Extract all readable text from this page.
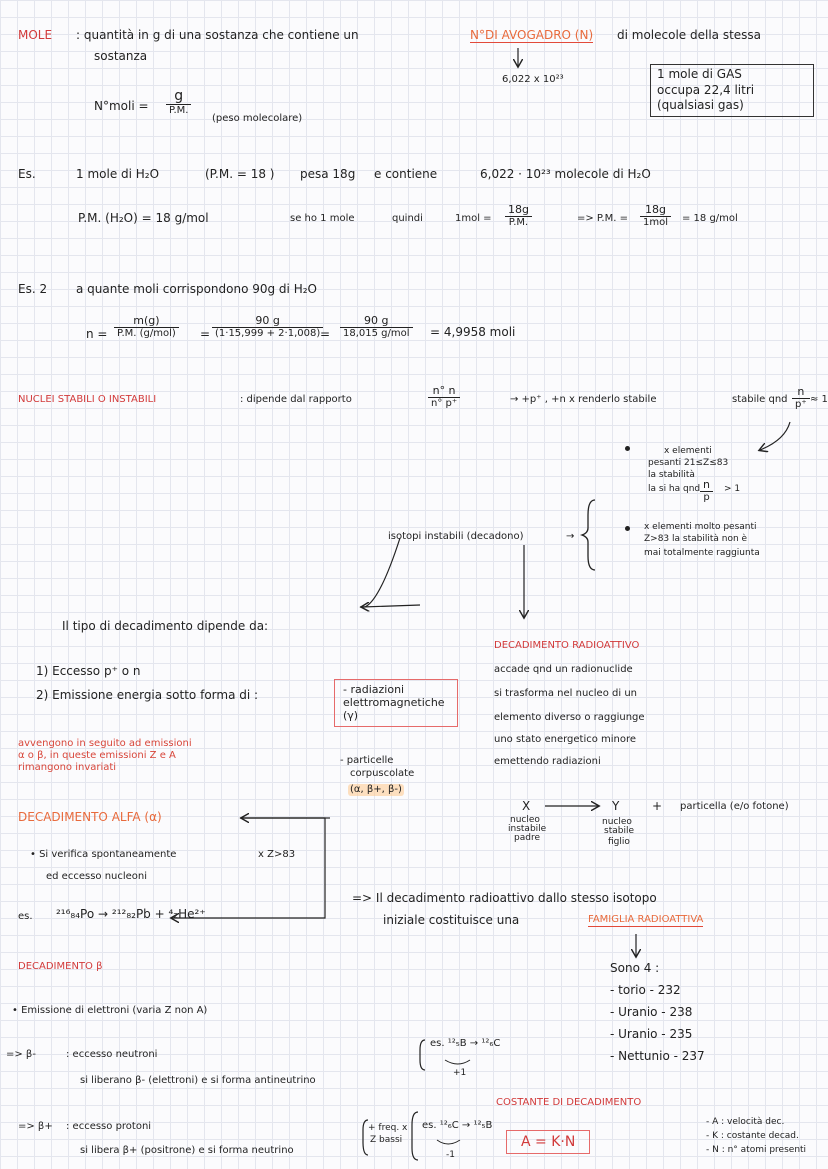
MOLE : quantità in g di una sostanza che contiene un	N°DI AVOGADRO (N) di molecole della stessa
sostanza
6,022 x 10²³	1 mole di GAS
occupa 22,4 litri
(qualsiasi gas)
N°moli =
g
P.M.
(peso molecolare)
Es.	1 mole di H₂O	(P.M. = 18 ) pesa 18g e contiene	6,022 · 10²³ molecole di H₂O
P.M. (H₂O) = 18 g/mol	se ho 1 mole	quindi	$1mol = \frac{18g}{P.M.}$	=> P.M. =
18g
1mol	= 18 g/mol
Es. 2 a quante moli corrispondono 90g di H₂O
n =
m(g)
P.M. $(g/mol) = \frac{90 g}{(1\cdot 15,999 + 2\cdot 1,008)}$
=
90 g
18,015 g/mol = 4,9958 moli
NUCLEI STABILI O INSTABILI	: dipende dal rapporto	$\frac{n^\circ n}{n^\circ p^+}$	→ +p⁺ , +n x renderlo stabile	stabile qnd $\frac{n}{p^+} \approx 1$
x elementi
pesanti 21≤Z≤83
la stabilità
la si ha qnd $\frac{n}{p} > 1$
x elementi molto pesanti
Z>83 la stabilità non è
mai totalmente raggiunta
isotopi instabili (decadono)	→
Il tipo di decadimento dipende da:
1) Eccesso p⁺ o n
2) Emissione energia sotto forma di :	- radiazioni
elettromagnetiche
(γ)
- particelle
corpuscolate
(α, β+, β-)
avvengono in seguito ad emissioni
α o β, in queste emissioni Z e A
rimangono invariati
DECADIMENTO RADIOATTIVO
accade qnd un radionuclide
si trasforma nel nucleo di un
elemento diverso o raggiunge
uno stato energetico minore
emettendo radiazioni
X	Y	+ particella (e/o fotone)
nucleo
instabile
padre
nucleo
stabile
figlio
DECADIMENTO ALFA (α)
• Si verifica spontaneamente	x Z>83
ed eccesso nucleoni
es. ²¹⁶₈₄Po → ²¹²₈₂Pb + ⁴₂He²⁺
=> Il decadimento radioattivo dallo stesso isotopo
iniziale costituisce una	FAMIGLIA RADIOATTIVA
Sono 4 :
- torio - 232
- Uranio - 238
- Uranio - 235
- Nettunio - 237
DECADIMENTO β
• Emissione di elettroni (varia Z non A)
=> β-	: eccesso neutroni
si liberano β- (elettroni) e si forma antineutrino
es. ¹²₅B → ¹²₆C
+1
=> β+ : eccesso protoni
si libera β+ (positrone) e si forma neutrino
+ freq. x
Z bassi
es. ¹²₆C → ¹²₅B
-1
COSTANTE DI DECADIMENTO
A = K·N
- A : velocità dec.
- K : costante decad.
- N : n° atomi presenti
